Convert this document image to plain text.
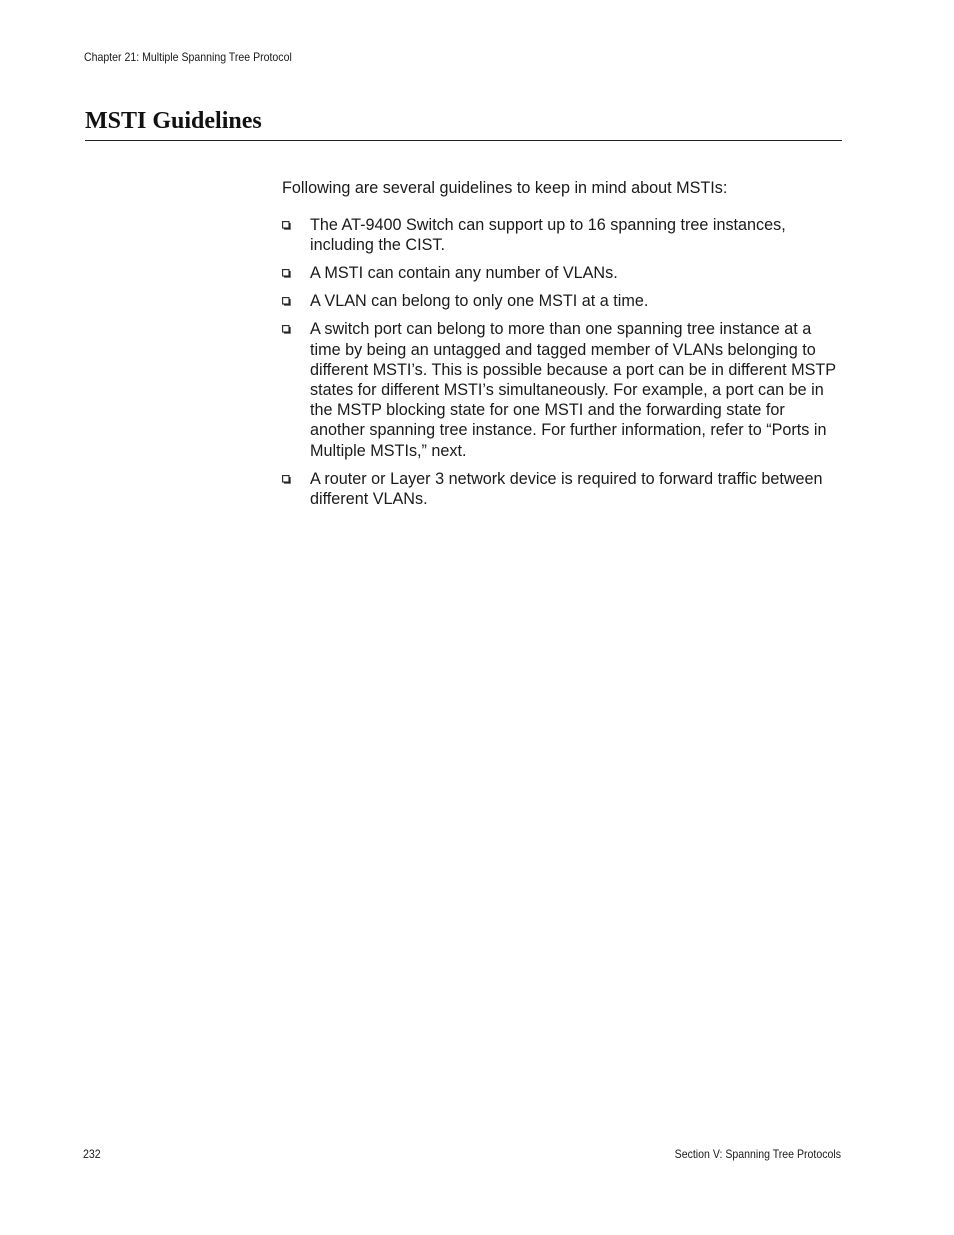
Chapter 21: Multiple Spanning Tree Protocol
MSTI Guidelines

Following are several guidelines to keep in mind about MSTIs:

The AT-9400 Switch can support up to 16 spanning tree instances, including the CIST.
A MSTI can contain any number of VLANs.
A VLAN can belong to only one MSTI at a time.
A switch port can belong to more than one spanning tree instance at a time by being an untagged and tagged member of VLANs belonging to different MSTI’s. This is possible because a port can be in different MSTP states for different MSTI’s simultaneously. For example, a port can be in the MSTP blocking state for one MSTI and the forwarding state for another spanning tree instance. For further information, refer to “Ports in Multiple MSTIs,” next.
A router or Layer 3 network device is required to forward traffic between different VLANs.
232	Section V: Spanning Tree Protocols
